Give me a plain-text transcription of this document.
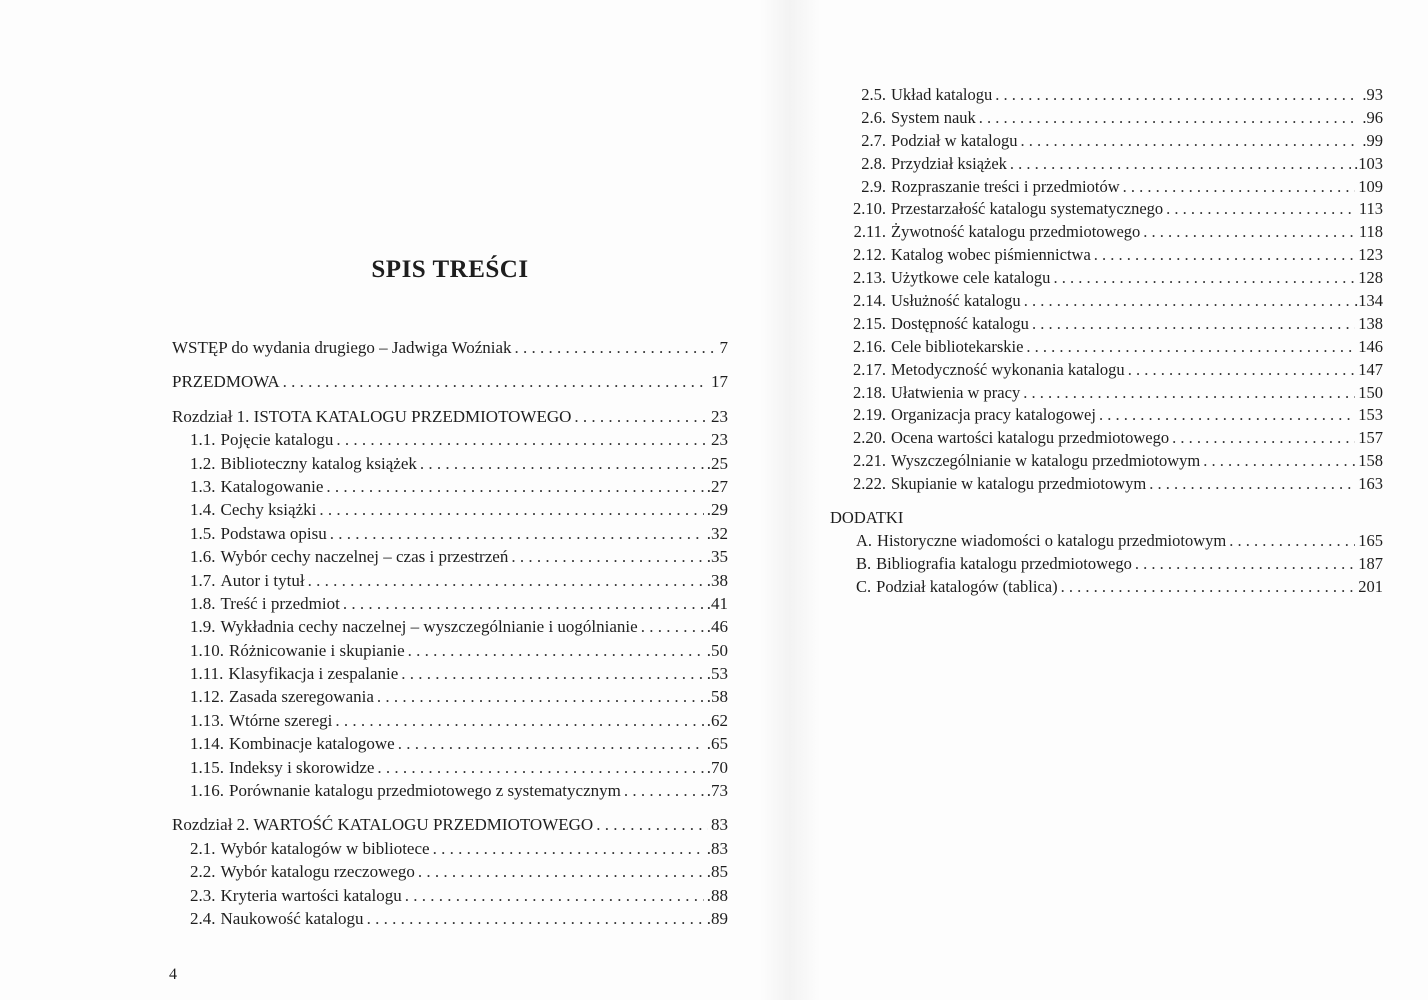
SPIS TREŚCI
WSTĘP do wydania drugiego – Jadwiga Woźniak . . .	7
PRZEDMOWA . . .	17
Rozdział 1. ISTOTA KATALOGU PRZEDMIOTOWEGO . . .	23
1.1. Pojęcie katalogu . . .	23
1.2. Biblioteczny katalog książek . . .	.25
1.3. Katalogowanie . . .	.27
1.4. Cechy książki . . .	.29
1.5. Podstawa opisu . . .	.32
1.6. Wybór cechy naczelnej – czas i przestrzeń . . .	.35
1.7. Autor i tytuł . . .	.38
1.8. Treść i przedmiot . . .	.41
1.9. Wykładnia cechy naczelnej – wyszczególnianie i uogólnianie . . .	.46
1.10. Różnicowanie i skupianie . . .	.50
1.11. Klasyfikacja i zespalanie . . .	.53
1.12. Zasada szeregowania . . .	.58
1.13. Wtórne szeregi . . .	.62
1.14. Kombinacje katalogowe . . .	.65
1.15. Indeksy i skorowidze . . .	.70
1.16. Porównanie katalogu przedmiotowego z systematycznym . . .	.73
Rozdział 2. WARTOŚĆ KATALOGU PRZEDMIOTOWEGO . . .	83
2.1. Wybór katalogów w bibliotece . . .	.83
2.2. Wybór katalogu rzeczowego . . .	.85
2.3. Kryteria wartości katalogu . . .	.88
2.4. Naukowość katalogu . . .	.89
2.5. Układ katalogu . . .	.93
2.6. System nauk . . .	.96
2.7. Podział w katalogu . . .	.99
2.8. Przydział książek . . .	.103
2.9. Rozpraszanie treści i przedmiotów . . .	109
2.10. Przestarzałość katalogu systematycznego . . .	113
2.11. Żywotność katalogu przedmiotowego . . .	118
2.12. Katalog wobec piśmiennictwa . . .	123
2.13. Użytkowe cele katalogu . . .	128
2.14. Usłużność katalogu . . .	.134
2.15. Dostępność katalogu . . .	138
2.16. Cele bibliotekarskie . . .	146
2.17. Metodyczność wykonania katalogu . . .	147
2.18. Ułatwienia w pracy . . .	150
2.19. Organizacja pracy katalogowej . . .	153
2.20. Ocena wartości katalogu przedmiotowego . . .	157
2.21. Wyszczególnianie w katalogu przedmiotowym . . .	158
2.22. Skupianie w katalogu przedmiotowym . . .	163
DODATKI
A. Historyczne wiadomości o katalogu przedmiotowym . . .	165
B. Bibliografia katalogu przedmiotowego . . .	187
C. Podział katalogów (tablica) . . .	201
4
